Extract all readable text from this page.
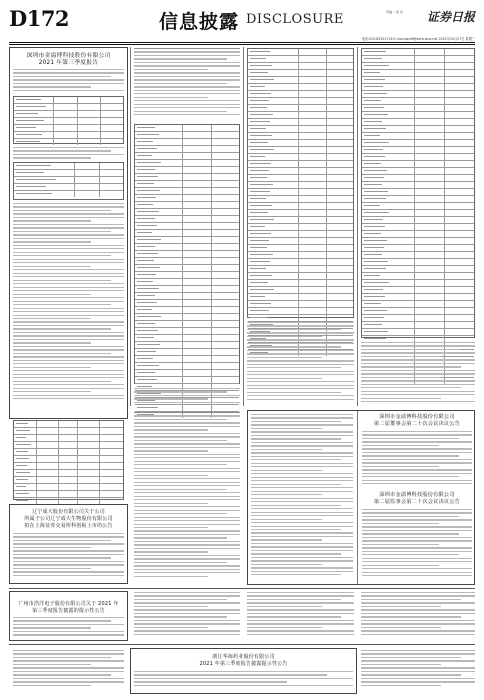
D172	信息披露 DISCLOSURE	责编 ：杨 萍 证券日报
电话:010-83251716 E-mail:zqrb9@zqrb.sina.net 2021年10月27日 星期三
深圳市金溢博科技股份有限公司
2021 年第三季度报告
深圳市金溢博科技股份有限公司
第二届董事会第二十次会议决议公告
深圳市金溢博科技股份有限公司
第二届监事会第二十次会议决议公告
辽宁成大股份有限公司关于公司
所属子公司辽宁成大生物股份有限公司
拟在上海证券交易所科创板上市的公告
广州市浩洋电子股份有限公司关于 2021 年
第三季度报告披露的提示性公告
浙江华海药业股份有限公司
2021 年第三季度报告披露提示性公告
